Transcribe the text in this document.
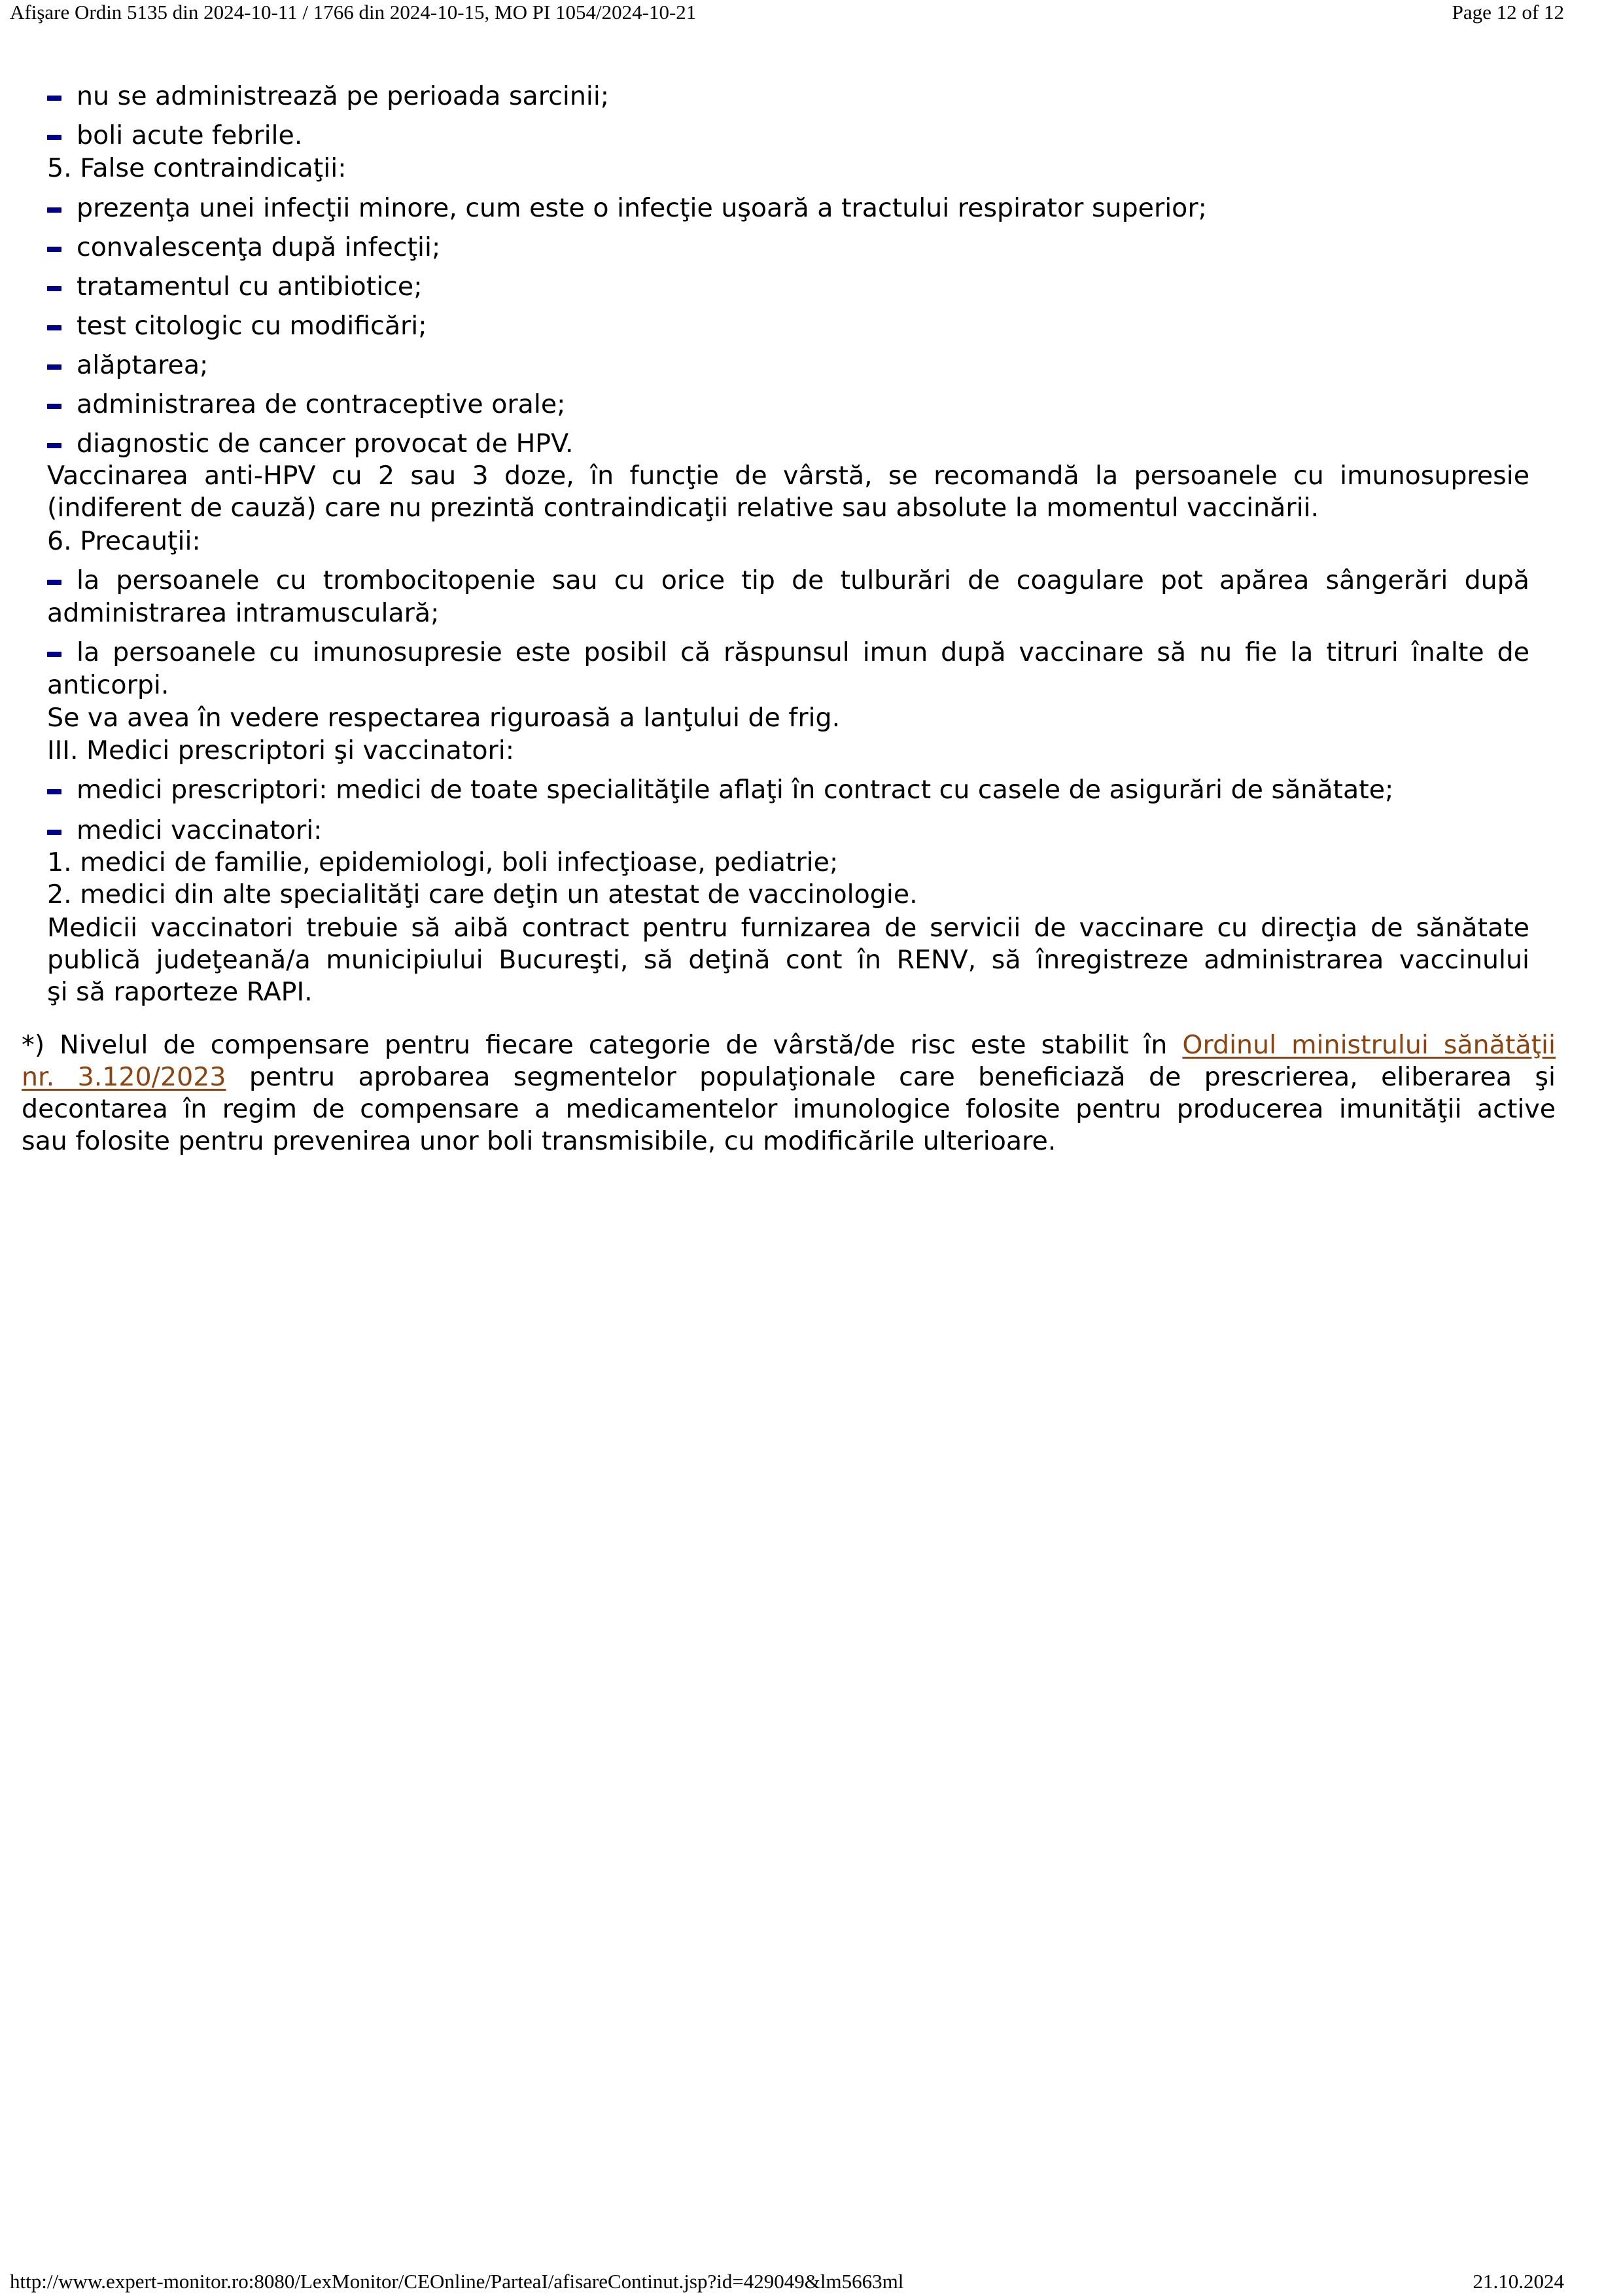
Afişare Ordin 5135 din 2024-10-11 / 1766 din 2024-10-15, MO PI 1054/2024-10-21	Page 12 of 12
nu se administrează pe perioada sarcinii;
boli acute febrile.
5. False contraindicaţii:
prezenţa unei infecţii minore, cum este o infecţie uşoară a tractului respirator superior;
convalescenţa după infecţii;
tratamentul cu antibiotice;
test citologic cu modificări;
alăptarea;
administrarea de contraceptive orale;
diagnostic de cancer provocat de HPV.
Vaccinarea anti-HPV cu 2 sau 3 doze, în funcţie de vârstă, se recomandă la persoanele cu imunosupresie
(indiferent de cauză) care nu prezintă contraindicaţii relative sau absolute la momentul vaccinării.
6. Precauţii:
la persoanele cu trombocitopenie sau cu orice tip de tulburări de coagulare pot apărea sângerări după
administrarea intramusculară;
la persoanele cu imunosupresie este posibil că răspunsul imun după vaccinare să nu fie la titruri înalte de
anticorpi.
Se va avea în vedere respectarea riguroasă a lanţului de frig.
III. Medici prescriptori şi vaccinatori:
medici prescriptori: medici de toate specialităţile aflaţi în contract cu casele de asigurări de sănătate;
medici vaccinatori:
1. medici de familie, epidemiologi, boli infecţioase, pediatrie;
2. medici din alte specialităţi care deţin un atestat de vaccinologie.
Medicii vaccinatori trebuie să aibă contract pentru furnizarea de servicii de vaccinare cu direcţia de sănătate
publică judeţeană/a municipiului Bucureşti, să deţină cont în RENV, să înregistreze administrarea vaccinului
şi să raporteze RAPI.
*) Nivelul de compensare pentru fiecare categorie de vârstă/de risc este stabilit în Ordinul ministrului sănătăţii
nr. 3.120/2023 pentru aprobarea segmentelor populaţionale care beneficiază de prescrierea, eliberarea şi
decontarea în regim de compensare a medicamentelor imunologice folosite pentru producerea imunităţii active
sau folosite pentru prevenirea unor boli transmisibile, cu modificările ulterioare.
http://www.expert-monitor.ro:8080/LexMonitor/CEOnline/ParteaI/afisareContinut.jsp?id=429049&lm5663ml	21.10.2024
